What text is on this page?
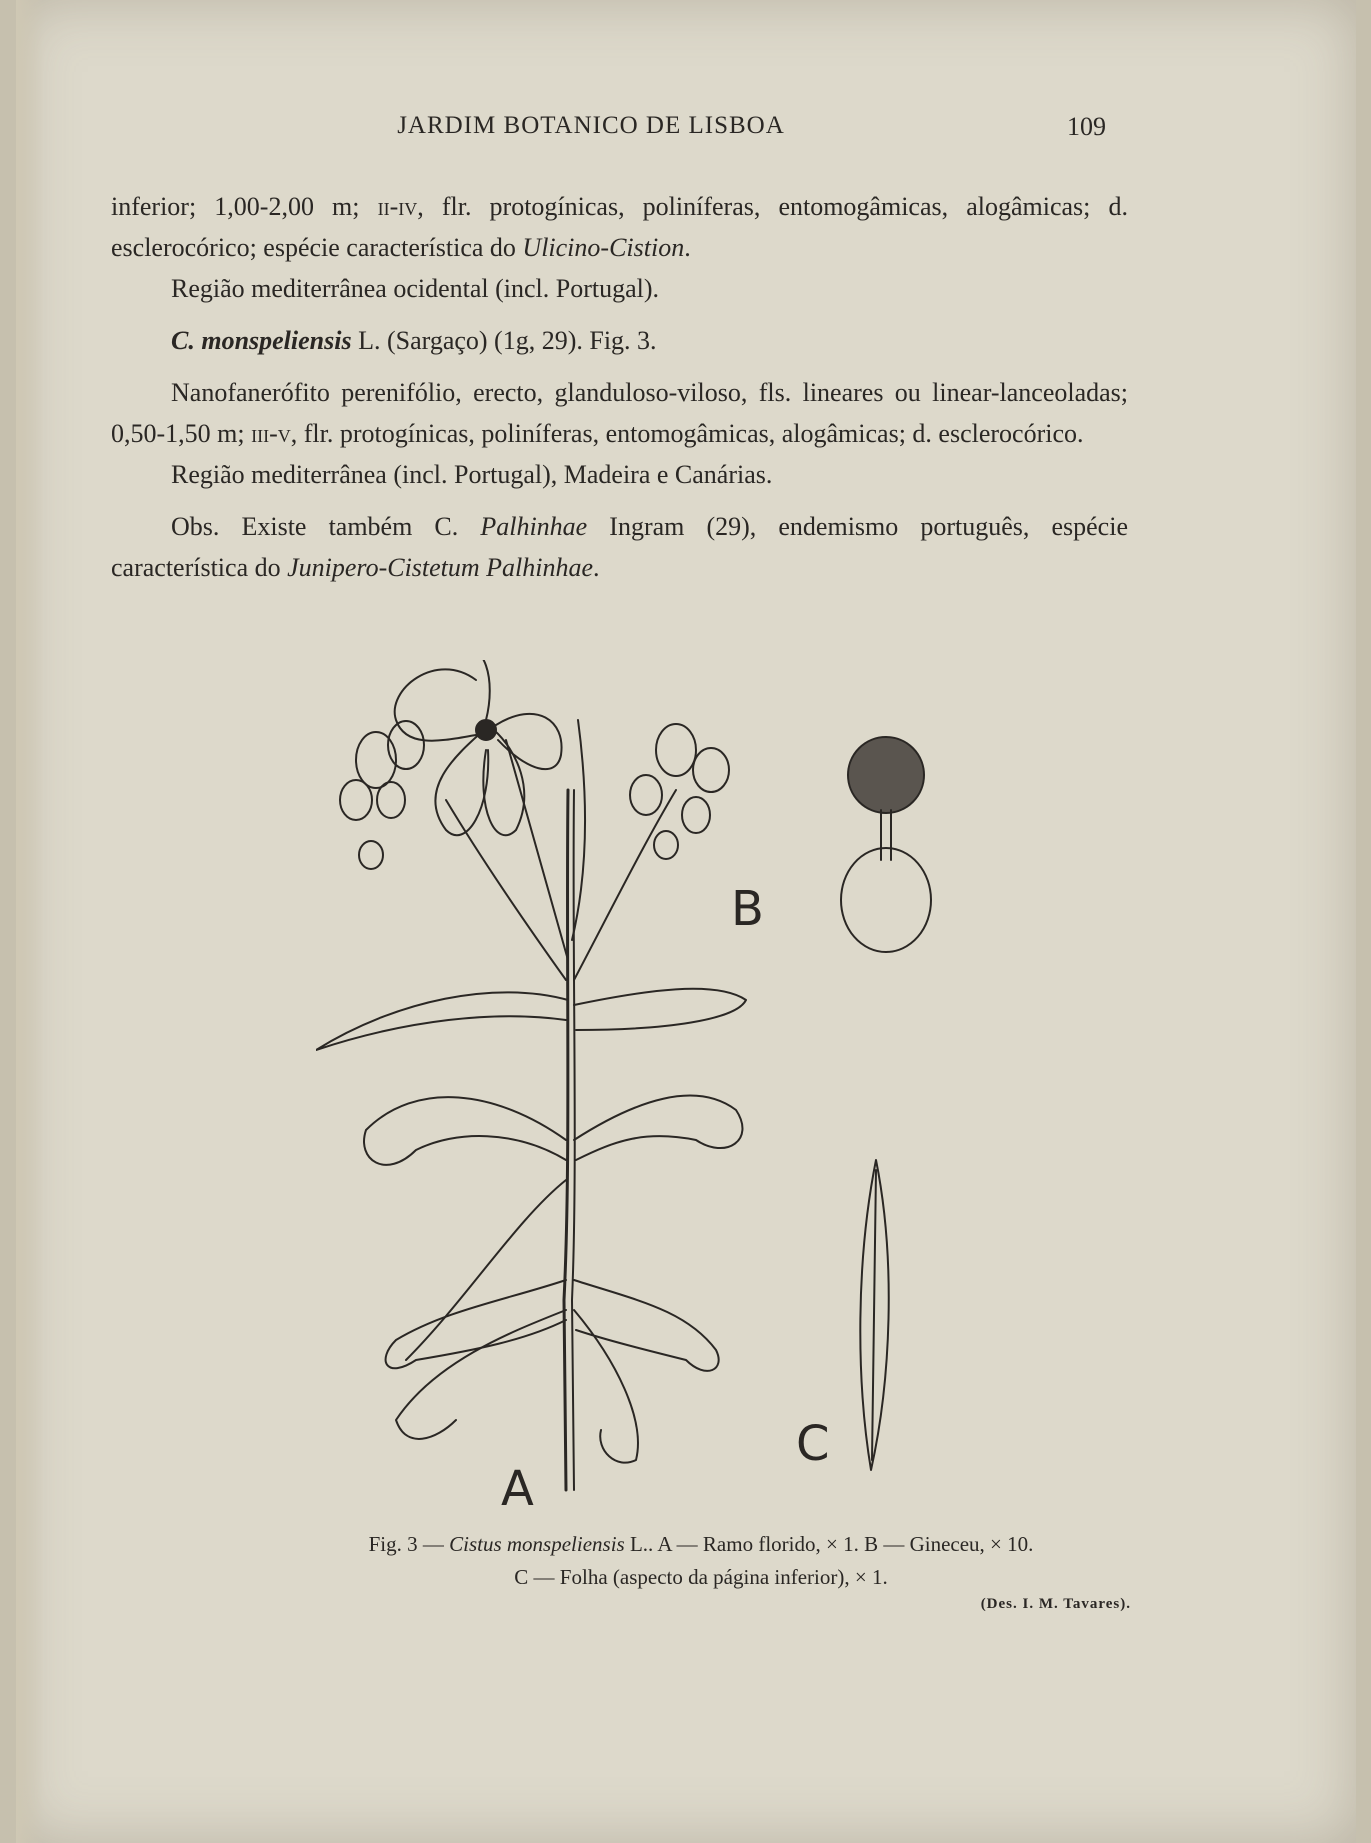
JARDIM BOTANICO DE LISBOA	109

inferior; 1,00-2,00 m; ii-iv, flr. protogínicas, poliníferas, entomogâmicas, alogâmicas; d. esclerocórico; espécie característica do Ulicino-Cistion.

Região mediterrânea ocidental (incl. Portugal).

C. monspeliensis L. (Sargaço) (1g, 29). Fig. 3.

Nanofanerófito perenifólio, erecto, glanduloso-viloso, fls. lineares ou linear-lanceoladas; 0,50-1,50 m; iii-v, flr. protogínicas, poliníferas, entomogâmicas, alogâmicas; d. esclerocórico.

Região mediterrânea (incl. Portugal), Madeira e Canárias.

Obs. Existe também C. Palhinhae Ingram (29), endemismo português, espécie característica do Junipero-Cistetum Palhinhae.

B
C
A
Fig. 3 — Cistus monspeliensis L.. A — Ramo florido, × 1. B — Gineceu, × 10.
C — Folha (aspecto da página inferior), × 1.
(Des. I. M. Tavares).
